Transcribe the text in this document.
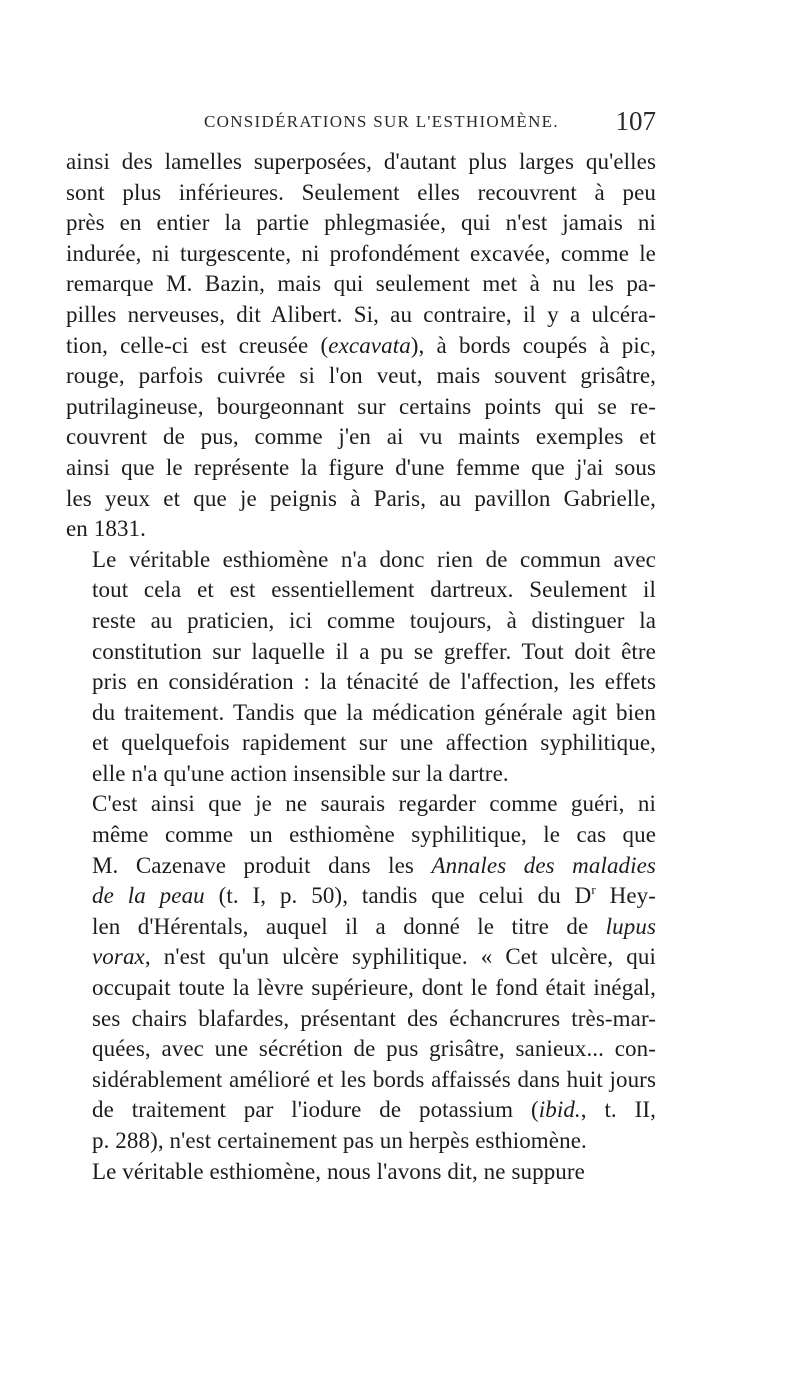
CONSIDÉRATIONS SUR L'ESTHIOMÈNE. 107

ainsi des lamelles superposées, d'autant plus larges qu'elles
sont plus inférieures. Seulement elles recouvrent à peu
près en entier la partie phlegmasiée, qui n'est jamais ni
indurée, ni turgescente, ni profondément excavée, comme le
remarque M. Bazin, mais qui seulement met à nu les pa-
pilles nerveuses, dit Alibert. Si, au contraire, il y a ulcéra-
tion, celle-ci est creusée (excavata), à bords coupés à pic,
rouge, parfois cuivrée si l'on veut, mais souvent grisâtre,
putrilagineuse, bourgeonnant sur certains points qui se re-
couvrent de pus, comme j'en ai vu maints exemples et
ainsi que le représente la figure d'une femme que j'ai sous
les yeux et que je peignis à Paris, au pavillon Gabrielle,
en 1831.

Le véritable esthiomène n'a donc rien de commun avec
tout cela et est essentiellement dartreux. Seulement il
reste au praticien, ici comme toujours, à distinguer la
constitution sur laquelle il a pu se greffer. Tout doit être
pris en considération : la ténacité de l'affection, les effets
du traitement. Tandis que la médication générale agit bien
et quelquefois rapidement sur une affection syphilitique,
elle n'a qu'une action insensible sur la dartre.

C'est ainsi que je ne saurais regarder comme guéri, ni
même comme un esthiomène syphilitique, le cas que
M. Cazenave produit dans les Annales des maladies
de la peau (t. I, p. 50), tandis que celui du $D^r$ Hey-
len d'Hérentals, auquel il a donné le titre de lupus
vorax, n'est qu'un ulcère syphilitique. « Cet ulcère, qui
occupait toute la lèvre supérieure, dont le fond était inégal,
ses chairs blafardes, présentant des échancrures très-mar-
quées, avec une sécrétion de pus grisâtre, sanieux... con-
sidérablement amélioré et les bords affaissés dans huit jours
de traitement par l'iodure de potassium (ibid., t. II,
p. 288), n'est certainement pas un herpès esthiomène.

Le véritable esthiomène, nous l'avons dit, ne suppure
